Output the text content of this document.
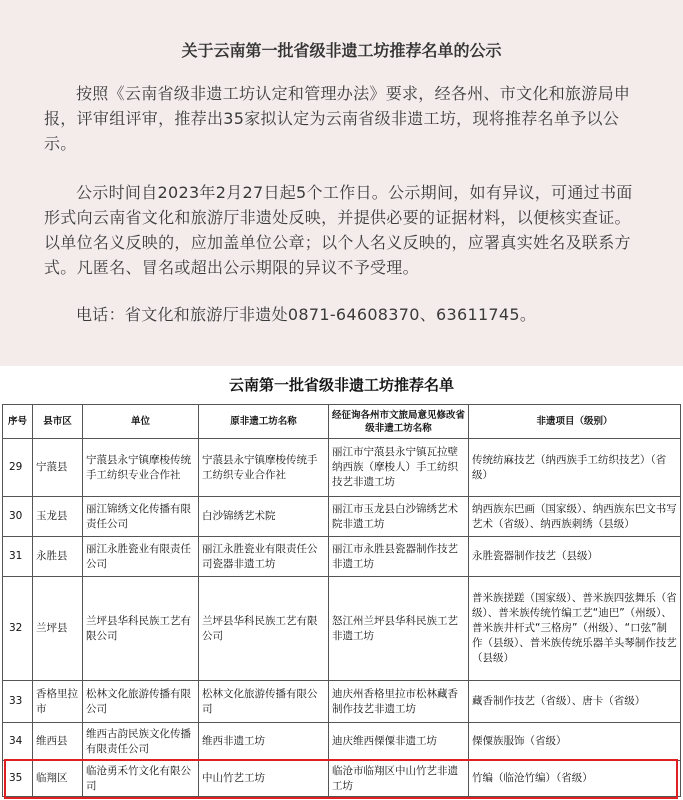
关于云南第一批省级非遗工坊推荐名单的公示

按照《云南省级非遗工坊认定和管理办法》要求，经各州、市文化和旅游局申报，评审组评审，推荐出35家拟认定为云南省级非遗工坊，现将推荐名单予以公示。

公示时间自2023年2月27日起5个工作日。公示期间，如有异议，可通过书面形式向云南省文化和旅游厅非遗处反映，并提供必要的证据材料，以便核实查证。以单位名义反映的，应加盖单位公章；以个人名义反映的，应署真实姓名及联系方式。凡匿名、冒名或超出公示期限的异议不予受理。

电话：省文化和旅游厅非遗处0871-64608370、63611745。

云南第一批省级非遗工坊推荐名单
序号	县市区	单位	原非遗工坊名称	经征询各州市文旅局意见修改省级非遗工坊名称	非遗项目（级别）
29	宁蒗县	宁蒗县永宁镇摩梭传统手工纺织专业合作社	宁蒗县永宁镇摩梭传统手工纺织专业合作社	丽江市宁蒗县永宁镇瓦拉壁纳西族（摩梭人）手工纺织技艺非遗工坊	传统纺麻技艺（纳西族手工纺织技艺）（省级）
30	玉龙县	丽江锦绣文化传播有限责任公司	白沙锦绣艺术院	丽江市玉龙县白沙锦绣艺术院非遗工坊	纳西族东巴画（国家级）、纳西族东巴文书写艺术（省级）、纳西族刺绣（县级）
31	永胜县	丽江永胜瓷业有限责任公司	丽江永胜瓷业有限责任公司瓷器非遗工坊	丽江市永胜县瓷器制作技艺非遗工坊	永胜瓷器制作技艺（县级）
32	兰坪县	兰坪县华科民族工艺有限公司	兰坪县华科民族工艺有限公司	怒江州兰坪县华科民族工艺非遗工坊	普米族搓蹉（国家级）、普米族四弦舞乐（省级）、普米族传统竹编工艺“迪巴”（州级）、普米族井杆式“三格房”（州级）、“口弦”制作（县级）、普米族传统乐器羊头琴制作技艺（县级）
33	香格里拉市	松林文化旅游传播有限公司	松林文化旅游传播有限公司	迪庆州香格里拉市松林藏香制作技艺非遗工坊	藏香制作技艺（省级）、唐卡（省级）
34	维西县	维西古韵民族文化传播有限责任公司	维西非遗工坊	迪庆维西傈僳非遗工坊	傈僳族服饰（省级）
35	临翔区	临沧勇禾竹文化有限公司	中山竹艺工坊	临沧市临翔区中山竹艺非遗工坊	竹编（临沧竹编）（省级）
